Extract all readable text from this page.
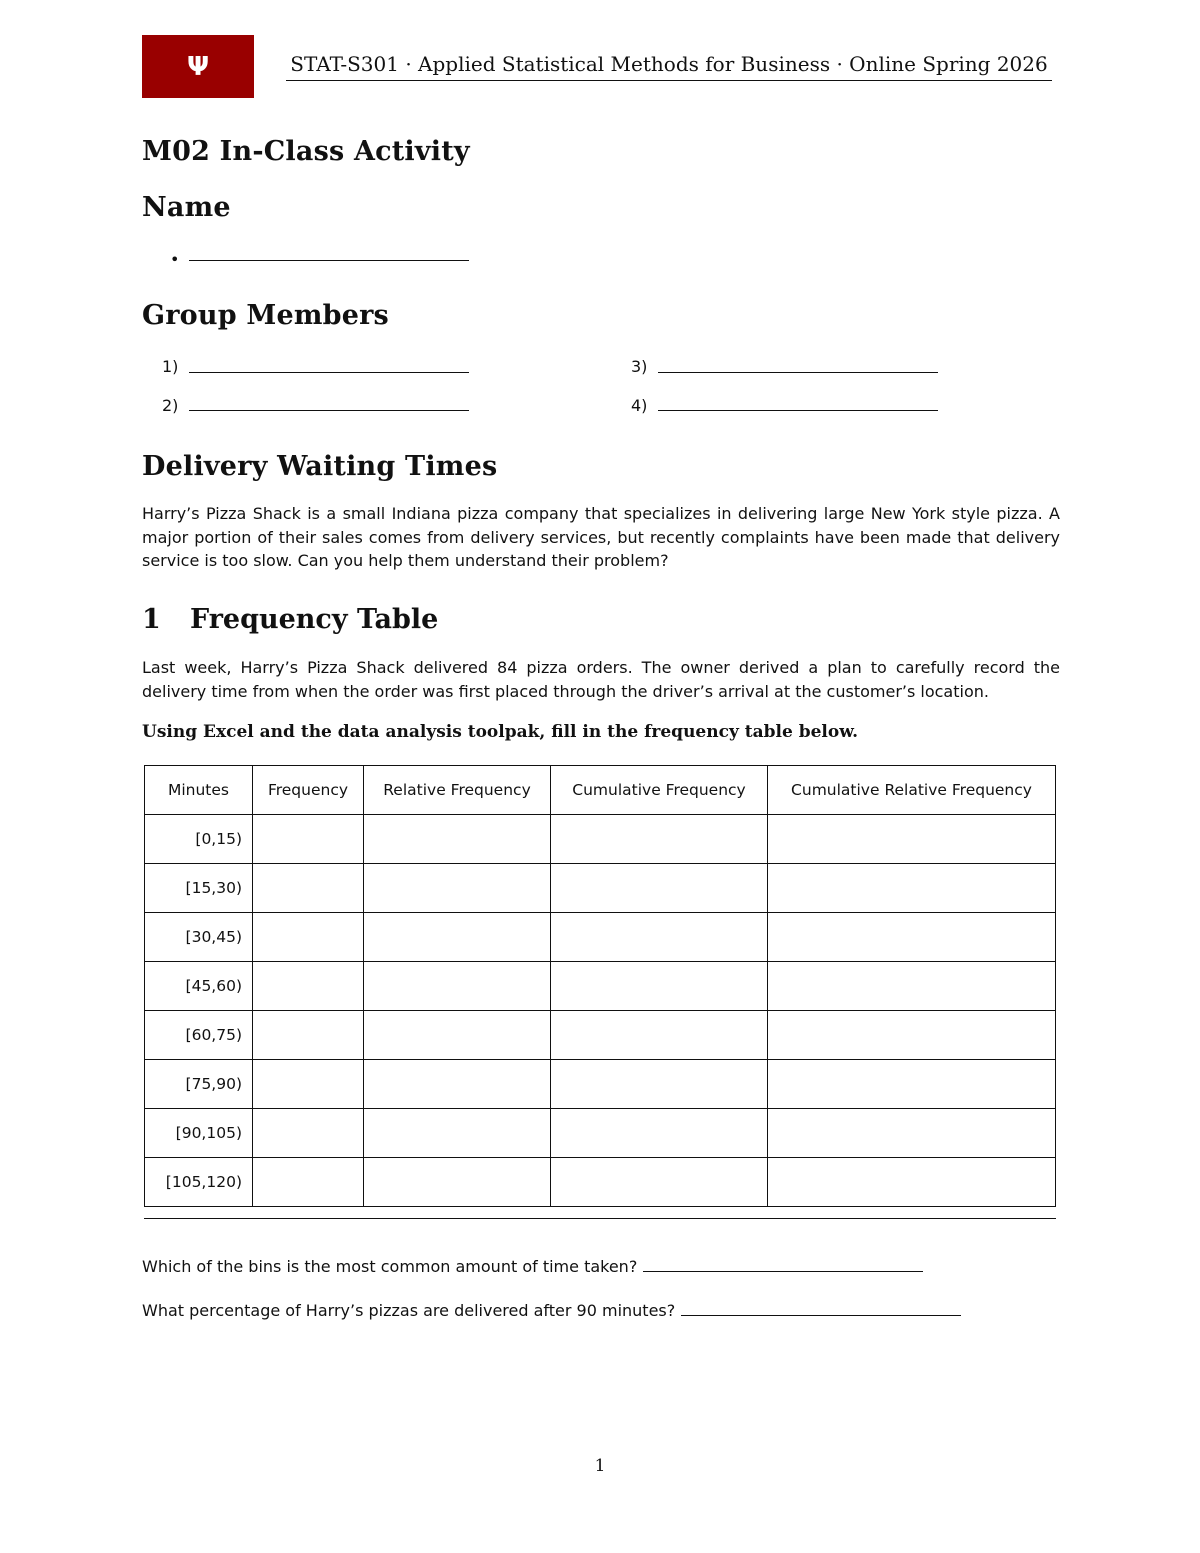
Ψ	STAT-S301 · Applied Statistical Methods for Business · Online Spring 2026
M02 In-Class Activity
Name
•
Group Members
1)
2)
3)
4)
Delivery Waiting Times

Harry’s Pizza Shack is a small Indiana pizza company that specializes in delivering large New York style pizza. A major portion of their sales comes from delivery services, but recently complaints have been made that delivery service is too slow. Can you help them understand their problem?

1 Frequency Table

Last week, Harry’s Pizza Shack delivered 84 pizza orders. The owner derived a plan to carefully record the delivery time from when the order was first placed through the driver’s arrival at the customer’s location.

Using Excel and the data analysis toolpak, fill in the frequency table below.

Minutes	Frequency	Relative Frequency	Cumulative Frequency	Cumulative Relative Frequency
[0,15)				
[15,30)				
[30,45)				
[45,60)				
[60,75)				
[75,90)				
[90,105)				
[105,120)				

Which of the bins is the most common amount of time taken?

What percentage of Harry’s pizzas are delivered after 90 minutes?

1
